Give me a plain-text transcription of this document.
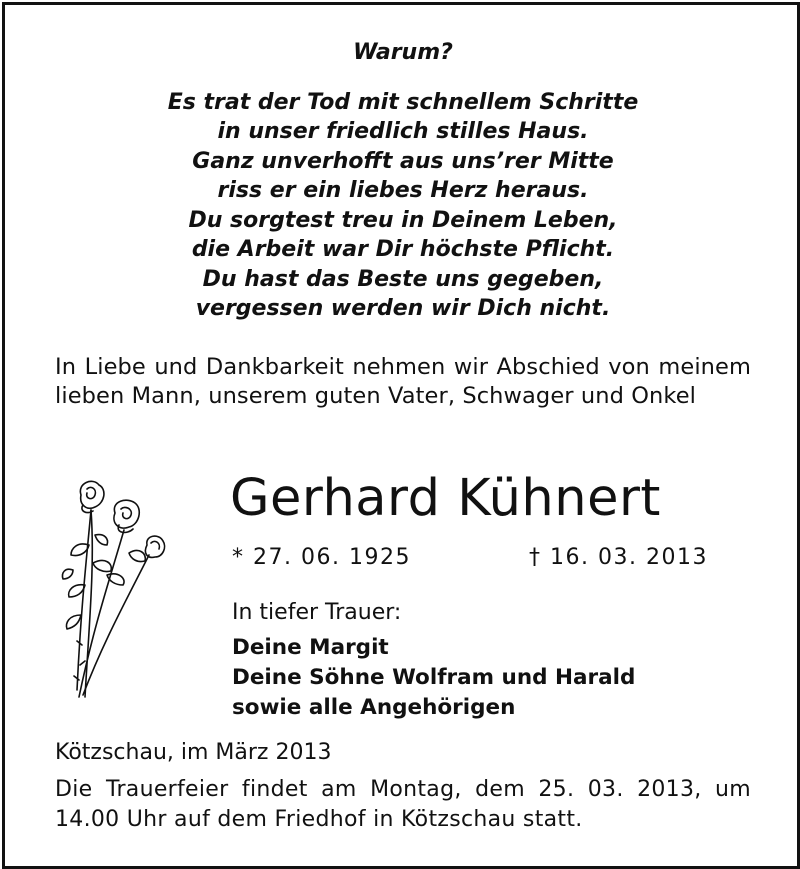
Warum?
Es trat der Tod mit schnellem Schritte
in unser friedlich stilles Haus.
Ganz unverhofft aus uns’rer Mitte
riss er ein liebes Herz heraus.
Du sorgtest treu in Deinem Leben,
die Arbeit war Dir höchste Pflicht.
Du hast das Beste uns gegeben,
vergessen werden wir Dich nicht.
In Liebe und Dankbarkeit nehmen wir Abschied von meinem lieben Mann, unserem guten Vater, Schwager und Onkel
Gerhard Kühnert
* 27. 06. 1925	† 16. 03. 2013
In tiefer Trauer:
Deine Margit
Deine Söhne Wolfram und Harald
sowie alle Angehörigen
Kötzschau, im März 2013
Die Trauerfeier findet am Montag, dem 25. 03. 2013, um 14.00 Uhr auf dem Friedhof in Kötzschau statt.
